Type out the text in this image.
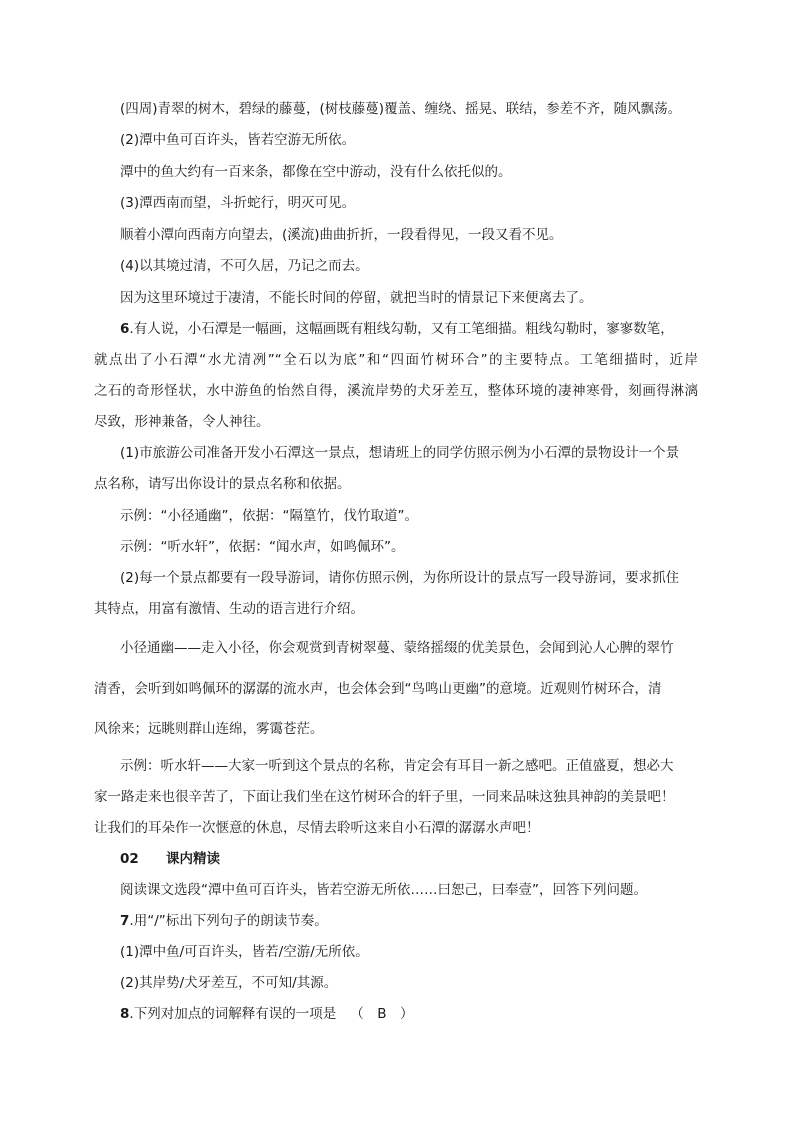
(四周)青翠的树木，碧绿的藤蔓，(树枝藤蔓)覆盖、缠绕、摇晃、联结，参差不齐，随风飘荡。
(2)潭中鱼可百许头，皆若空游无所依。
潭中的鱼大约有一百来条，都像在空中游动，没有什么依托似的。
(3)潭西南而望，斗折蛇行，明灭可见。
顺着小潭向西南方向望去，(溪流)曲曲折折，一段看得见，一段又看不见。
(4)以其境过清，不可久居，乃记之而去。
因为这里环境过于凄清，不能长时间的停留，就把当时的情景记下来便离去了。
6.有人说，小石潭是一幅画，这幅画既有粗线勾勒，又有工笔细描。粗线勾勒时，寥寥数笔，
就点出了小石潭“水尤清冽”“全石以为底”和“四面竹树环合”的主要特点。工笔细描时，近岸
之石的奇形怪状，水中游鱼的怡然自得，溪流岸势的犬牙差互，整体环境的凄神寒骨，刻画得淋漓
尽致，形神兼备，令人神往。
(1)市旅游公司准备开发小石潭这一景点，想请班上的同学仿照示例为小石潭的景物设计一个景
点名称，请写出你设计的景点名称和依据。
示例：“小径通幽”，依据：“隔篁竹，伐竹取道”。
示例：“听水轩”，依据：“闻水声，如鸣佩环”。
(2)每一个景点都要有一段导游词，请你仿照示例，为你所设计的景点写一段导游词，要求抓住
其特点，用富有激情、生动的语言进行介绍。
小径通幽——走入小径，你会观赏到青树翠蔓、蒙络摇缀的优美景色，会闻到沁人心脾的翠竹
清香，会听到如鸣佩环的潺潺的流水声，也会体会到“鸟鸣山更幽”的意境。近观则竹树环合，清
风徐来；远眺则群山连绵，雾霭苍茫。
示例：听水轩——大家一听到这个景点的名称，肯定会有耳目一新之感吧。正值盛夏，想必大
家一路走来也很辛苦了，下面让我们坐在这竹树环合的轩子里，一同来品味这独具神韵的美景吧！
让我们的耳朵作一次惬意的休息，尽情去聆听这来自小石潭的潺潺水声吧！
02 课内精读
阅读课文选段“潭中鱼可百许头，皆若空游无所依……曰恕己，曰奉壹”，回答下列问题。
7.用“/”标出下列句子的朗读节奏。
(1)潭中鱼/可百许头，皆若/空游/无所依。
(2)其岸势/犬牙差互，不可知/其源。
8.下列对加点的词解释有误的一项是 （　B　）
